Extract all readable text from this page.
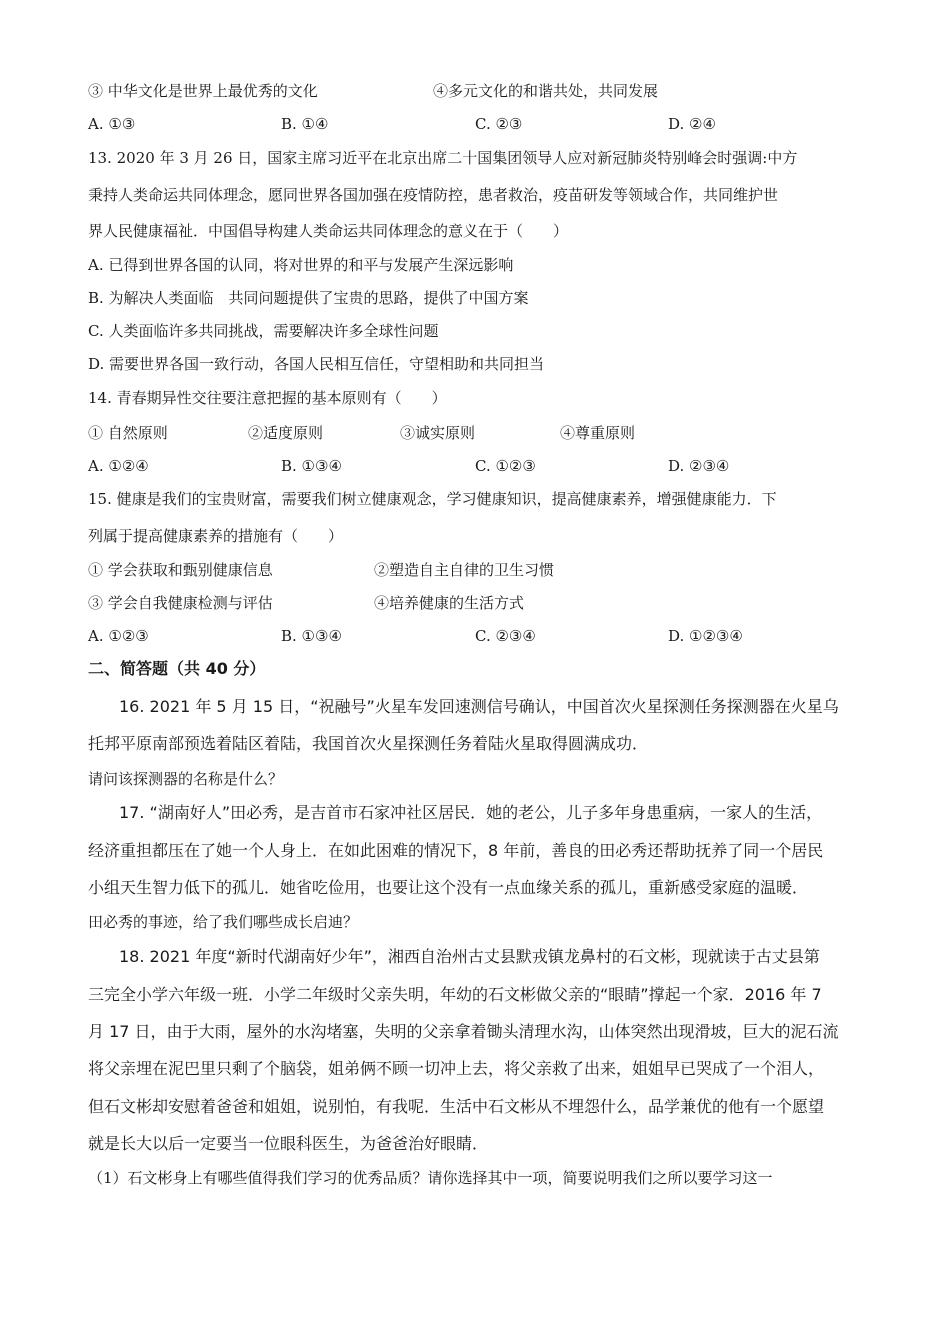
③ 中华文化是世界上最优秀的文化	④多元文化的和谐共处，共同发展
A. ①③	B. ①④	C. ②③	D. ②④
13. 2020 年 3 月 26 日，国家主席习近平在北京出席二十国集团领导人应对新冠肺炎特别峰会时强调:中方
秉持人类命运共同体理念，愿同世界各国加强在疫情防控，患者救治，疫苗研发等领域合作，共同维护世
界人民健康福祉．中国倡导构建人类命运共同体理念的意义在于（　　）
A. 已得到世界各国的认同，将对世界的和平与发展产生深远影响
B. 为解决人类面临　共同问题提供了宝贵的思路，提供了中国方案
C. 人类面临许多共同挑战，需要解决许多全球性问题
D. 需要世界各国一致行动，各国人民相互信任，守望相助和共同担当
14. 青春期异性交往要注意把握的基本原则有（　　）
① 自然原则	②适度原则	③诚实原则	④尊重原则
A. ①②④	B. ①③④	C. ①②③	D. ②③④
15. 健康是我们的宝贵财富，需要我们树立健康观念，学习健康知识，提高健康素养，增强健康能力．下
列属于提高健康素养的措施有（　　）
① 学会获取和甄别健康信息	②塑造自主自律的卫生习惯
③ 学会自我健康检测与评估	④培养健康的生活方式
A. ①②③	B. ①③④	C. ②③④	D. ①②③④
二、简答题（共 40 分）
16. 2021 年 5 月 15 日，“祝融号”火星车发回速测信号确认，中国首次火星探测任务探测器在火星乌
托邦平原南部预选着陆区着陆，我国首次火星探测任务着陆火星取得圆满成功．
请问该探测器的名称是什么？
17. “湖南好人”田必秀，是吉首市石家冲社区居民．她的老公，儿子多年身患重病，一家人的生活，
经济重担都压在了她一个人身上．在如此困难的情况下，8 年前，善良的田必秀还帮助抚养了同一个居民
小组天生智力低下的孤儿．她省吃俭用，也要让这个没有一点血缘关系的孤儿，重新感受家庭的温暖．
田必秀的事迹，给了我们哪些成长启迪？
18. 2021 年度“新时代湖南好少年”，湘西自治州古丈县默戎镇龙鼻村的石文彬，现就读于古丈县第
三完全小学六年级一班．小学二年级时父亲失明，年幼的石文彬做父亲的“眼睛”撑起一个家．2016 年 7
月 17 日，由于大雨，屋外的水沟堵塞，失明的父亲拿着锄头清理水沟，山体突然出现滑坡，巨大的泥石流
将父亲埋在泥巴里只剩了个脑袋，姐弟俩不顾一切冲上去，将父亲救了出来，姐姐早已哭成了一个泪人，
但石文彬却安慰着爸爸和姐姐，说别怕，有我呢．生活中石文彬从不埋怨什么，品学兼优的他有一个愿望
就是长大以后一定要当一位眼科医生，为爸爸治好眼睛．
（1）石文彬身上有哪些值得我们学习的优秀品质？请你选择其中一项，简要说明我们之所以要学习这一
